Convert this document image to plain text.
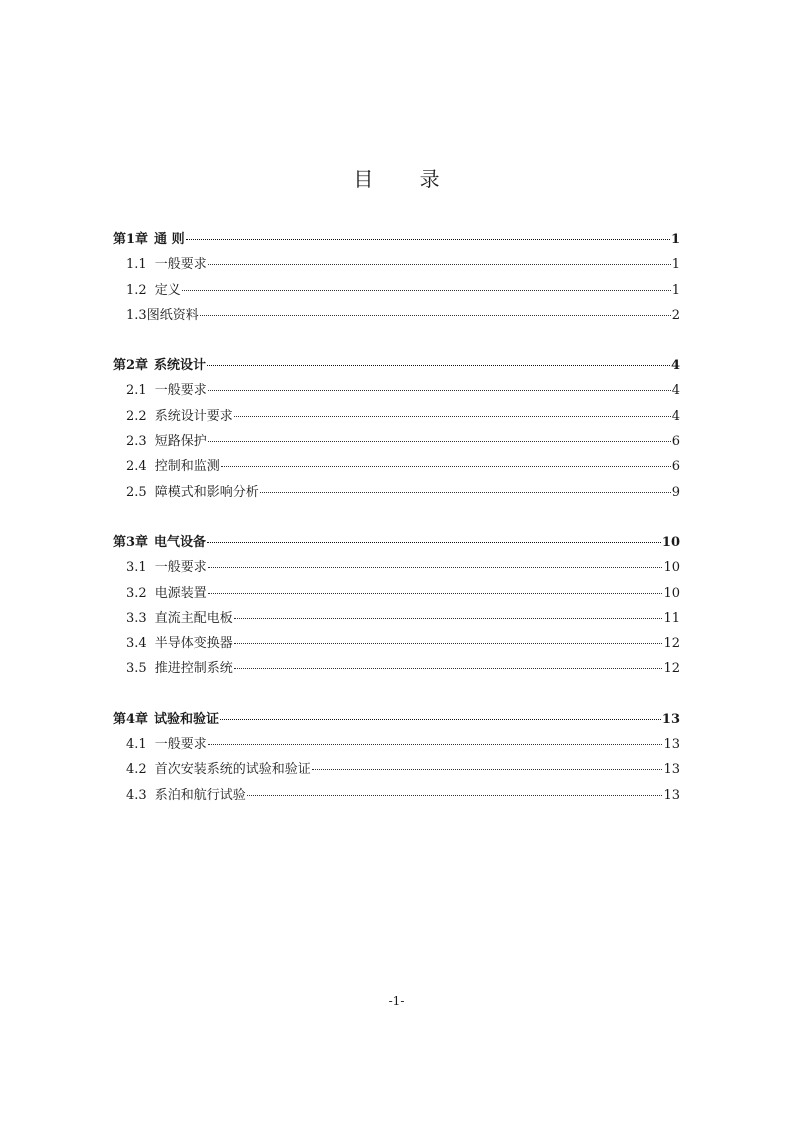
目 录
第1章 通 则	1
1.1 一般要求	1
1.2 定义	1
1.3 图纸资料	2
第2章 系统设计	4
2.1 一般要求	4
2.2 系统设计要求	4
2.3 短路保护	6
2.4 控制和监测	6
2.5 障模式和影响分析	9
第3章 电气设备	10
3.1 一般要求	10
3.2 电源装置	10
3.3 直流主配电板	11
3.4 半导体变换器	12
3.5 推进控制系统	12
第4章 试验和验证	13
4.1 一般要求	13
4.2 首次安装系统的试验和验证	13
4.3 系泊和航行试验	13
-1-
